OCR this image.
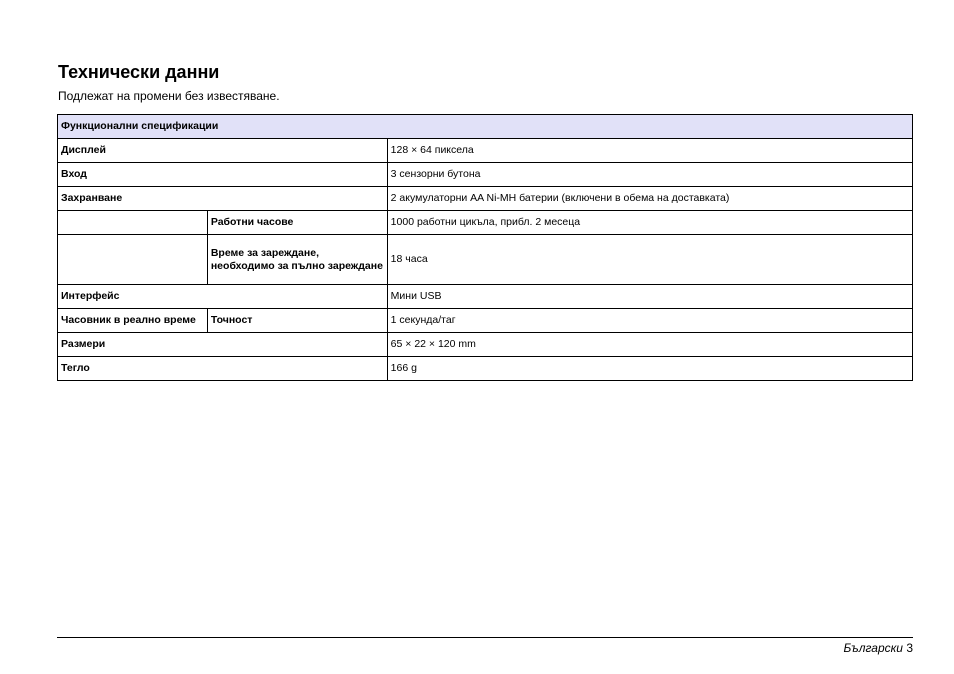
Технически данни

Подлежат на промени без известяване.

Функционални спецификации		
Дисплей		128 × 64 пиксела
Вход		3 сензорни бутона
Захранване		2 акумулаторни AA Ni-MH батерии (включени в обема на доставката)
	Работни часове	1000 работни цикъла, прибл. 2 месеца
	Време за зареждане, необходимо за пълно зареждане	18 часа
Интерфейс		Мини USB
Часовник в реално време	Точност	1 секунда/таг
Размери		65 × 22 × 120 mm
Тегло		166 g
Български 3
